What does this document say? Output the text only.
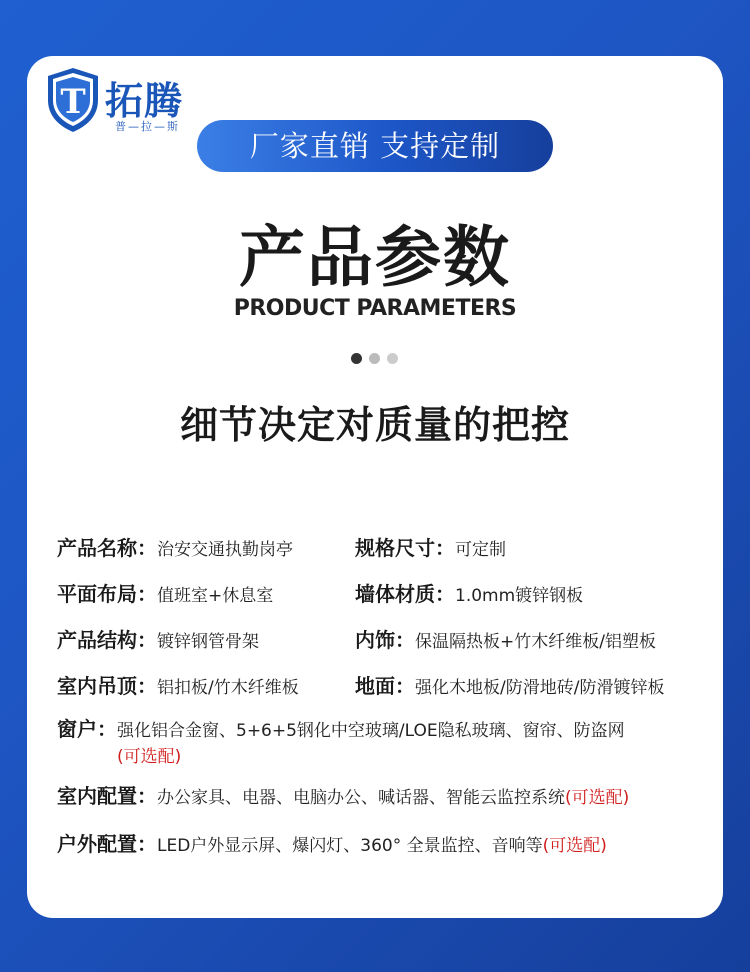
T 拓腾
普—拉—斯
厂家直销 支持定制
产品参数
PRODUCT PARAMETERS
细节决定对质量的把控
产品名称：治安交通执勤岗亭	规格尺寸：可定制
平面布局：值班室+休息室	墙体材质：1.0mm镀锌钢板
产品结构：镀锌钢管骨架	内饰：保温隔热板+竹木纤维板/铝塑板
室内吊顶：铝扣板/竹木纤维板	地面：强化木地板/防滑地砖/防滑镀锌板
窗户：强化铝合金窗、5+6+5钢化中空玻璃/LOE隐私玻璃、窗帘、防盗网
(可选配)
室内配置：办公家具、电器、电脑办公、喊话器、智能云监控系统(可选配)
户外配置：LED户外显示屏、爆闪灯、360° 全景监控、音响等(可选配)
